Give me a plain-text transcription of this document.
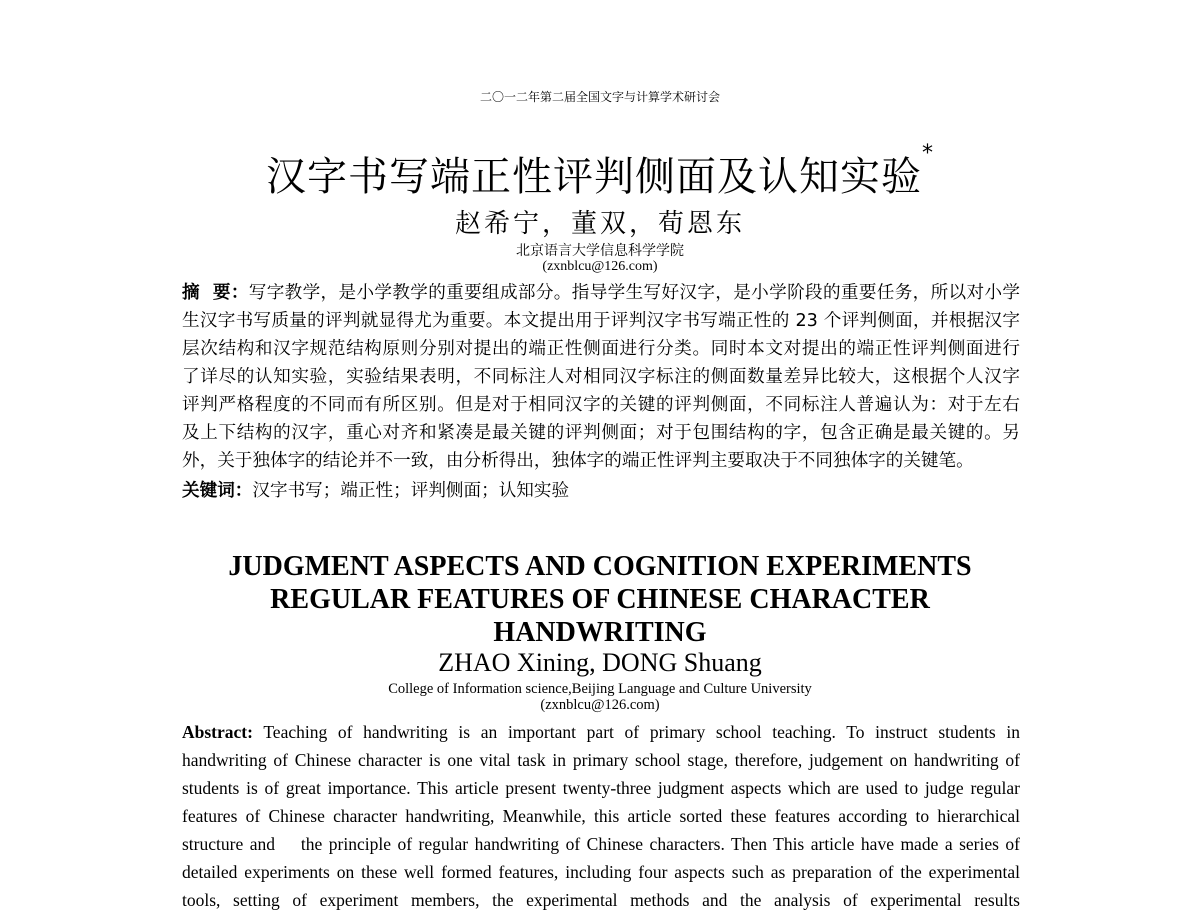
二〇一二年第二届全国文字与计算学术研讨会
汉字书写端正性评判侧面及认知实验*
赵希宁，董双，荀恩东
北京语言大学信息科学学院
(zxnblcu@126.com)
摘  要：写字教学，是小学教学的重要组成部分。指导学生写好汉字，是小学阶段的重要任务，所以对小学
生汉字书写质量的评判就显得尤为重要。本文提出用于评判汉字书写端正性的 23 个评判侧面，并根据汉字
层次结构和汉字规范结构原则分别对提出的端正性侧面进行分类。同时本文对提出的端正性评判侧面进行
了详尽的认知实验，实验结果表明，不同标注人对相同汉字标注的侧面数量差异比较大，这根据个人汉字
评判严格程度的不同而有所区别。但是对于相同汉字的关键的评判侧面，不同标注人普遍认为：对于左右
及上下结构的汉字，重心对齐和紧凑是最关键的评判侧面；对于包围结构的字，包含正确是最关键的。另
外，关于独体字的结论并不一致，由分析得出，独体字的端正性评判主要取决于不同独体字的关键笔。
关键词：汉字书写；端正性；评判侧面；认知实验
JUDGMENT ASPECTS AND COGNITION EXPERIMENTS
REGULAR FEATURES OF CHINESE CHARACTER
HANDWRITING
ZHAO Xining, DONG Shuang
College of Information science,Beijing Language and Culture University
(zxnblcu@126.com)
Abstract: Teaching of handwriting is an important part of primary school teaching. To instruct students in
handwriting of Chinese character is one vital task in primary school stage, therefore, judgement on handwriting of
students is of great importance. This article present twenty-three judgment aspects which are used to judge regular
features of Chinese character handwriting, Meanwhile, this article sorted these features according to hierarchical
structure and    the principle of regular handwriting of Chinese characters. Then This article have made a series of
detailed experiments on these well formed features, including four aspects such as preparation of the experimental
tools, setting of experiment members, the experimental methods and the analysis of experimental results
